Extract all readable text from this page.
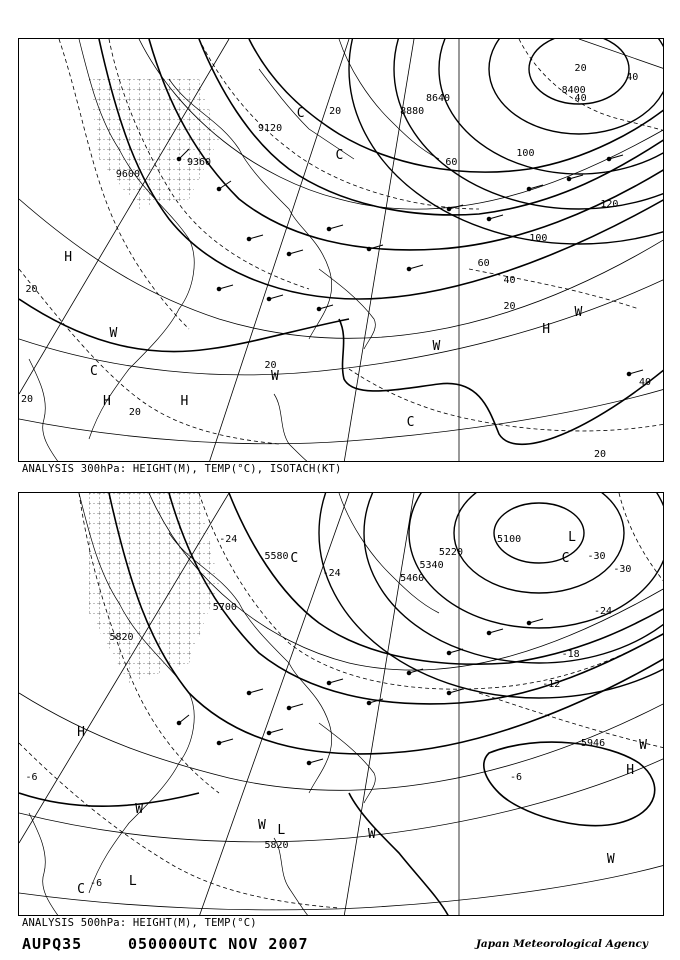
9600
9360
9120
8880
8640
8400
20
20
40
40
60
100
100
120
60
40
20
20
20
20
20
40
20
C
C
C
H
W
C
H	H
W
W
H
W
ANALYSIS 300hPa: HEIGHT(M), TEMP(°C), ISOTACH(KT)
5820
5700
5580
5460
5340
5220
5100
5946
5820
-24
-24	-30
-30
-24
-18
-12
-6
-6
-6
C
L
C
H
W
W L	W
C
L
W
H
W
ANALYSIS 500hPa: HEIGHT(M), TEMP(°C)
AUPQ35	050000UTC NOV 2007	Japan Meteorological Agency
